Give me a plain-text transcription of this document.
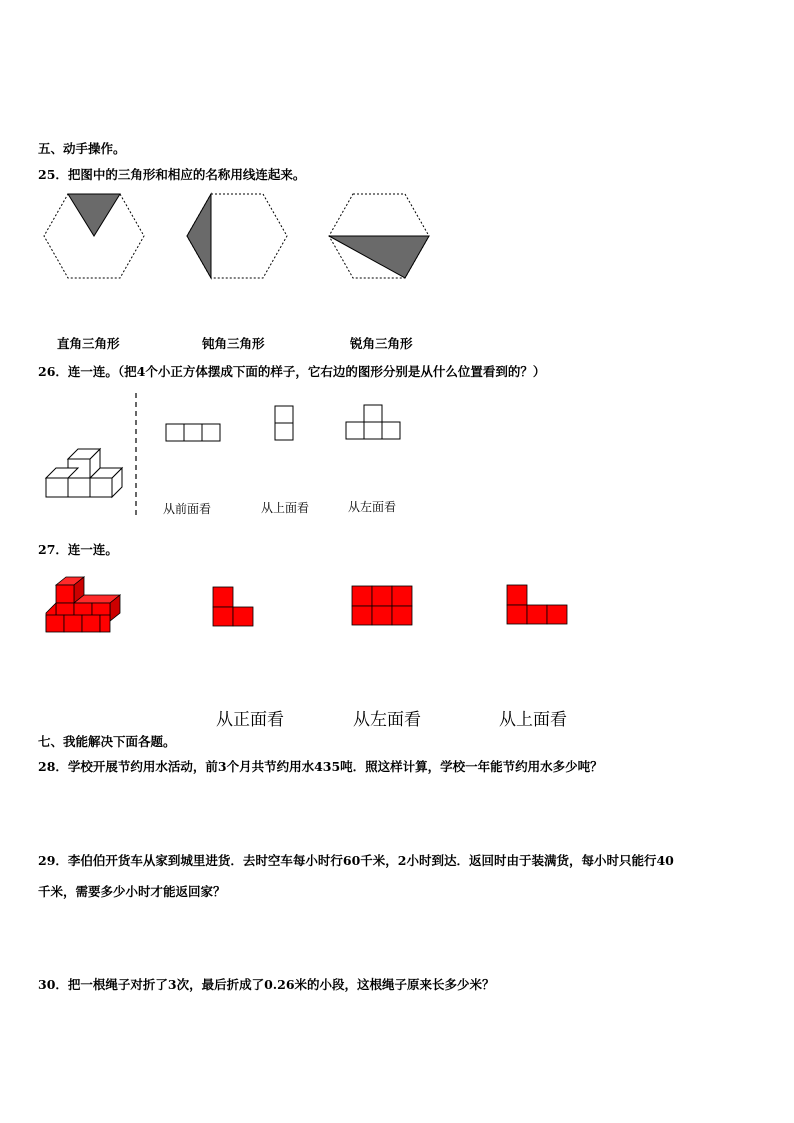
五、动手操作。
25．把图中的三角形和相应的名称用线连起来。
直角三角形	钝角三角形	锐角三角形
26．连一连。（把4个小正方体摆成下面的样子，它右边的图形分别是从什么位置看到的？）
从前面看	从上面看	从左面看
27．连一连。
从正面看	从左面看	从上面看
七、我能解决下面各题。
28．学校开展节约用水活动，前3个月共节约用水435吨．照这样计算，学校一年能节约用水多少吨？
29．李伯伯开货车从家到城里进货．去时空车每小时行60千米，2小时到达．返回时由于装满货，每小时只能行40
千米，需要多少小时才能返回家？
30．把一根绳子对折了3次，最后折成了0.26米的小段，这根绳子原来长多少米？
